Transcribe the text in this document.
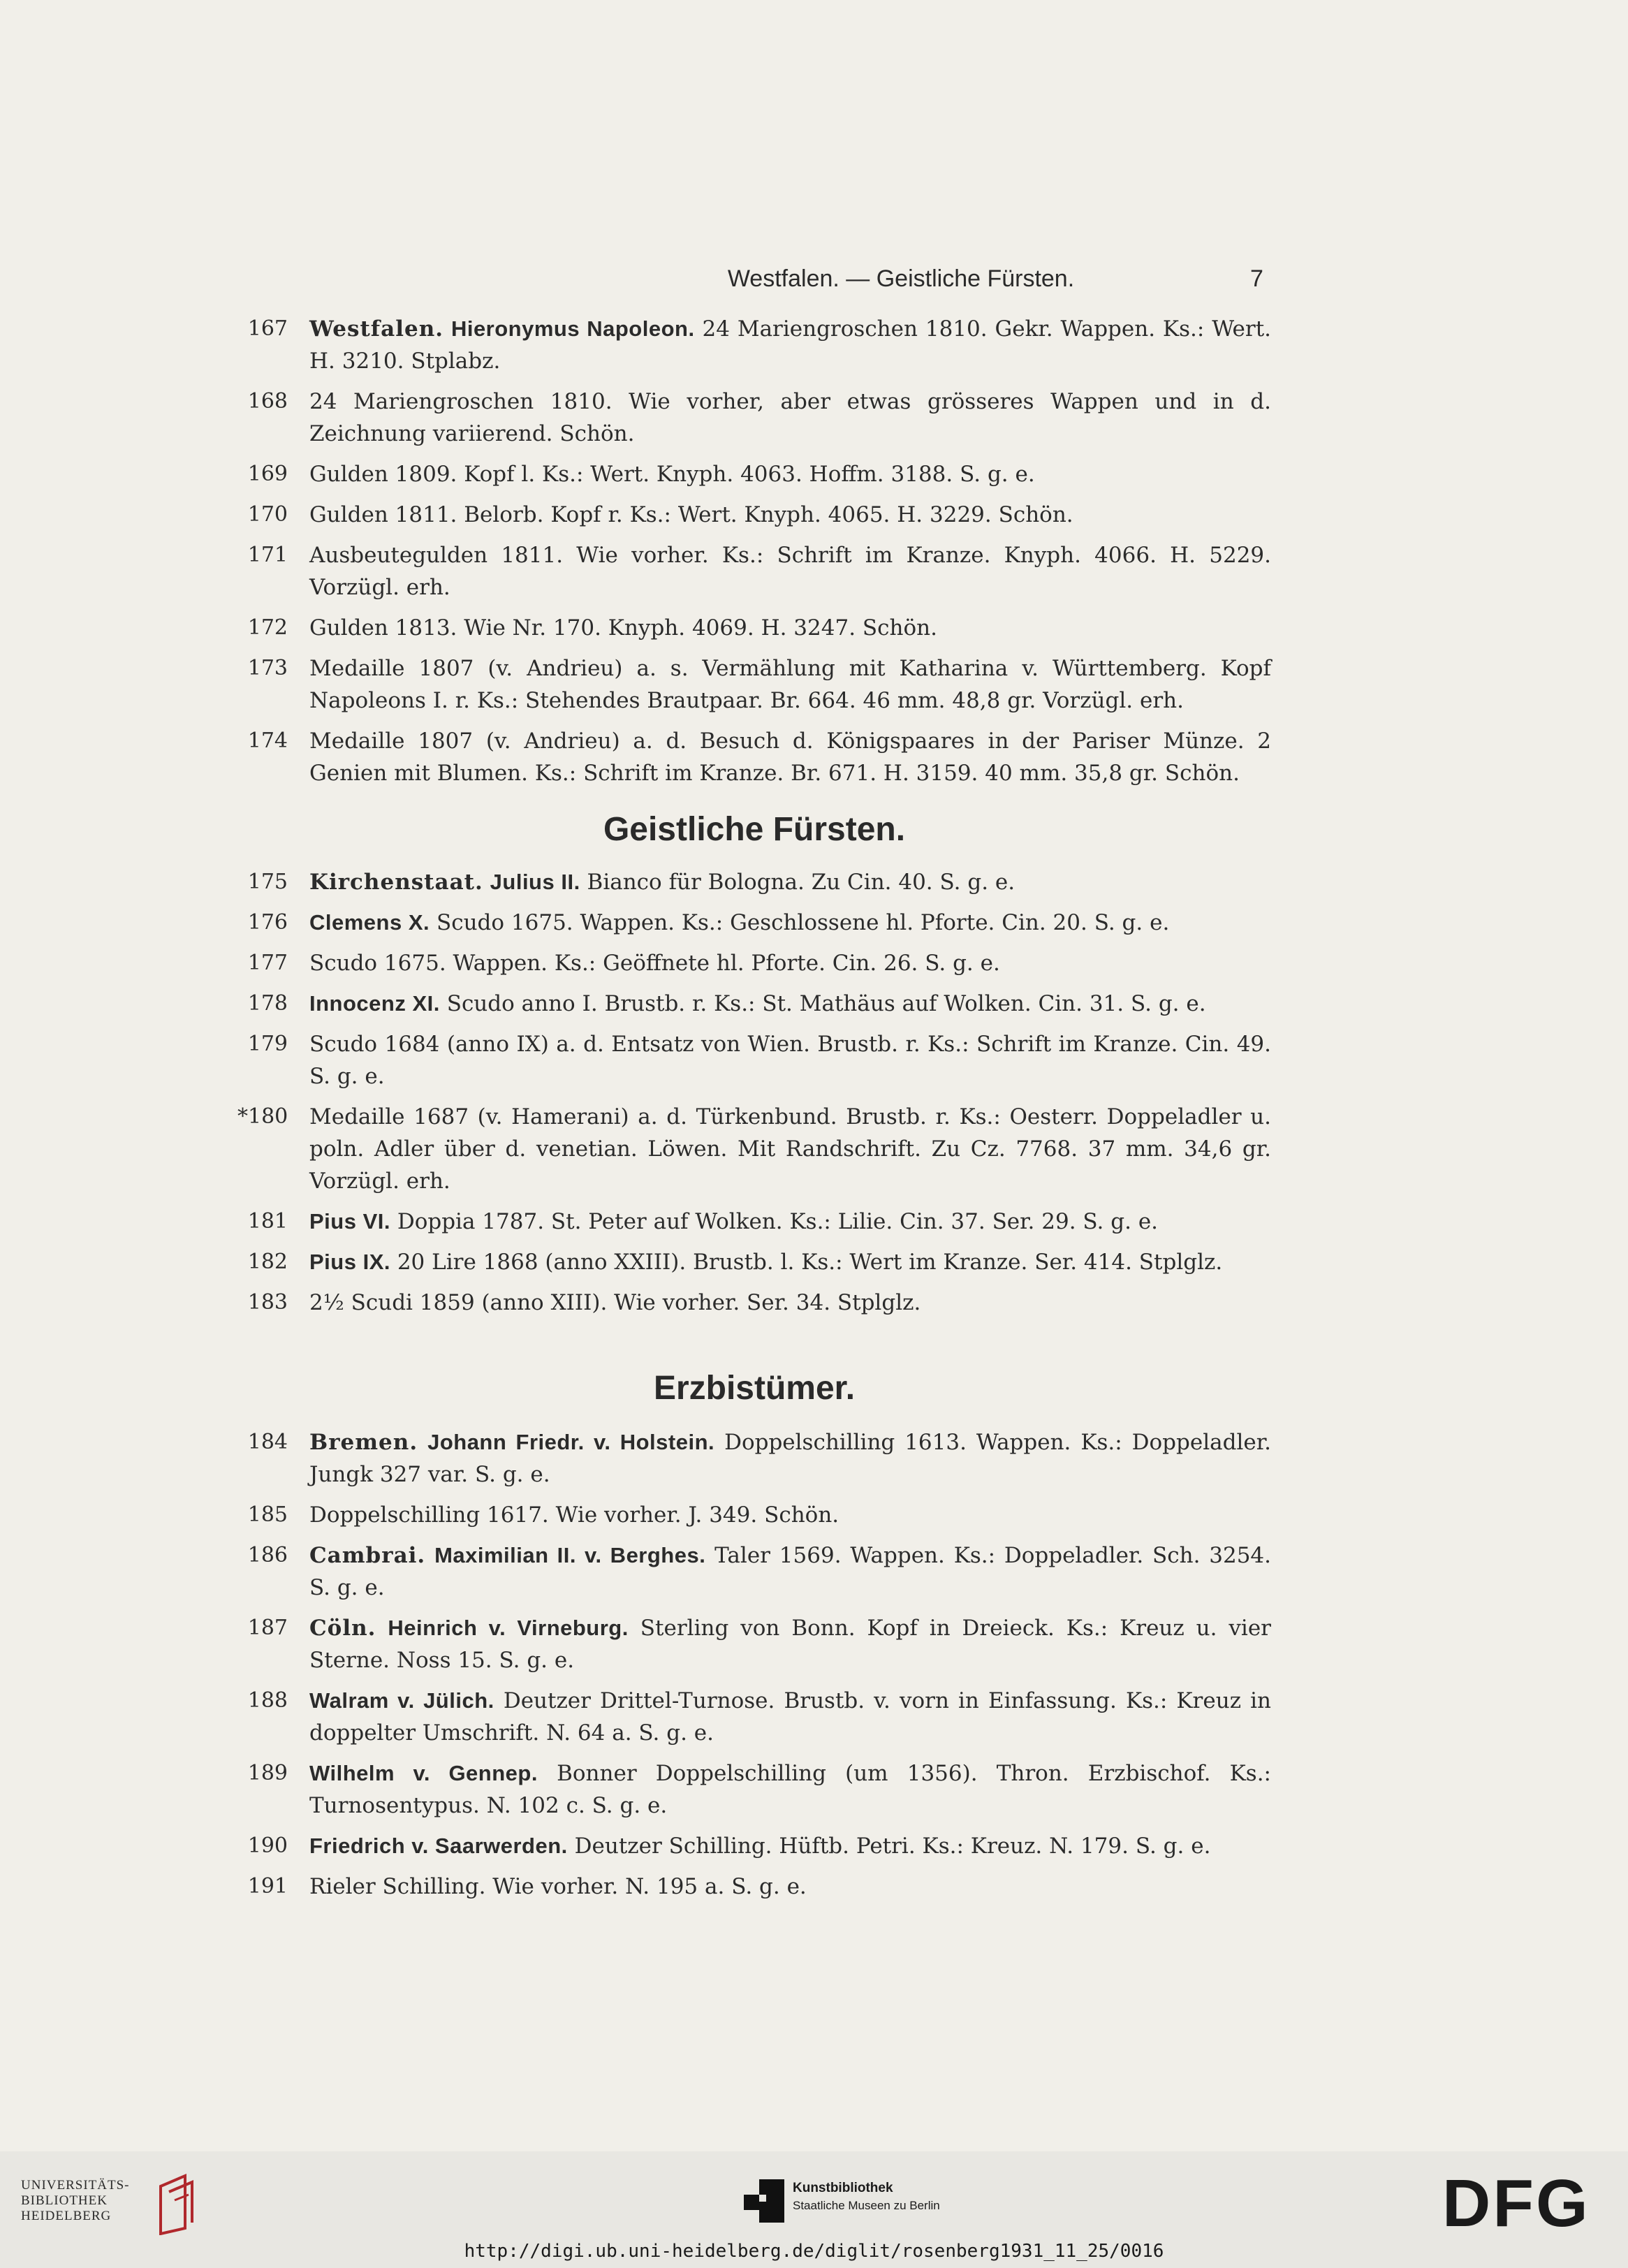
Westfalen. — Geistliche Fürsten.	7
167 Westfalen. Hieronymus Napoleon. 24 Mariengroschen 1810. Gekr. Wappen. Ks.: Wert. H. 3210. Stplabz.
168 24 Mariengroschen 1810. Wie vorher, aber etwas grösseres Wappen und in d. Zeichnung variierend. Schön.
169 Gulden 1809. Kopf l. Ks.: Wert. Knyph. 4063. Hoffm. 3188. S. g. e.
170 Gulden 1811. Belorb. Kopf r. Ks.: Wert. Knyph. 4065. H. 3229. Schön.
171 Ausbeutegulden 1811. Wie vorher. Ks.: Schrift im Kranze. Knyph. 4066. H. 5229. Vorzügl. erh.
172 Gulden 1813. Wie Nr. 170. Knyph. 4069. H. 3247. Schön.
173 Medaille 1807 (v. Andrieu) a. s. Vermählung mit Katharina v. Württemberg. Kopf Napoleons I. r. Ks.: Stehendes Brautpaar. Br. 664. 46 mm. 48,8 gr. Vorzügl. erh.
174 Medaille 1807 (v. Andrieu) a. d. Besuch d. Königspaares in der Pariser Münze. 2 Genien mit Blumen. Ks.: Schrift im Kranze. Br. 671. H. 3159. 40 mm. 35,8 gr. Schön.
Geistliche Fürsten.
175 Kirchenstaat. Julius II. Bianco für Bologna. Zu Cin. 40. S. g. e.
176 Clemens X. Scudo 1675. Wappen. Ks.: Geschlossene hl. Pforte. Cin. 20. S. g. e.
177 Scudo 1675. Wappen. Ks.: Geöffnete hl. Pforte. Cin. 26. S. g. e.
178 Innocenz XI. Scudo anno I. Brustb. r. Ks.: St. Mathäus auf Wolken. Cin. 31. S. g. e.
179 Scudo 1684 (anno IX) a. d. Entsatz von Wien. Brustb. r. Ks.: Schrift im Kranze. Cin. 49. S. g. e.
*180 Medaille 1687 (v. Hamerani) a. d. Türkenbund. Brustb. r. Ks.: Oesterr. Doppeladler u. poln. Adler über d. venetian. Löwen. Mit Randschrift. Zu Cz. 7768. 37 mm. 34,6 gr. Vorzügl. erh.
181 Pius VI. Doppia 1787. St. Peter auf Wolken. Ks.: Lilie. Cin. 37. Ser. 29. S. g. e.
182 Pius IX. 20 Lire 1868 (anno XXIII). Brustb. l. Ks.: Wert im Kranze. Ser. 414. Stplglz.
183 2½ Scudi 1859 (anno XIII). Wie vorher. Ser. 34. Stplglz.
Erzbistümer.
184 Bremen. Johann Friedr. v. Holstein. Doppelschilling 1613. Wappen. Ks.: Doppeladler. Jungk 327 var. S. g. e.
185 Doppelschilling 1617. Wie vorher. J. 349. Schön.
186 Cambrai. Maximilian II. v. Berghes. Taler 1569. Wappen. Ks.: Doppeladler. Sch. 3254. S. g. e.
187 Cöln. Heinrich v. Virneburg. Sterling von Bonn. Kopf in Dreieck. Ks.: Kreuz u. vier Sterne. Noss 15. S. g. e.
188 Walram v. Jülich. Deutzer Drittel-Turnose. Brustb. v. vorn in Einfassung. Ks.: Kreuz in doppelter Umschrift. N. 64 a. S. g. e.
189 Wilhelm v. Gennep. Bonner Doppelschilling (um 1356). Thron. Erzbischof. Ks.: Turnosentypus. N. 102 c. S. g. e.
190 Friedrich v. Saarwerden. Deutzer Schilling. Hüftb. Petri. Ks.: Kreuz. N. 179. S. g. e.
191 Rieler Schilling. Wie vorher. N. 195 a. S. g. e.
UNIVERSITÄTS-
BIBLIOTHEK
HEIDELBERG
Kunstbibliothek
Staatliche Museen zu Berlin	DFG
http://digi.ub.uni-heidelberg.de/diglit/rosenberg1931_11_25/0016
